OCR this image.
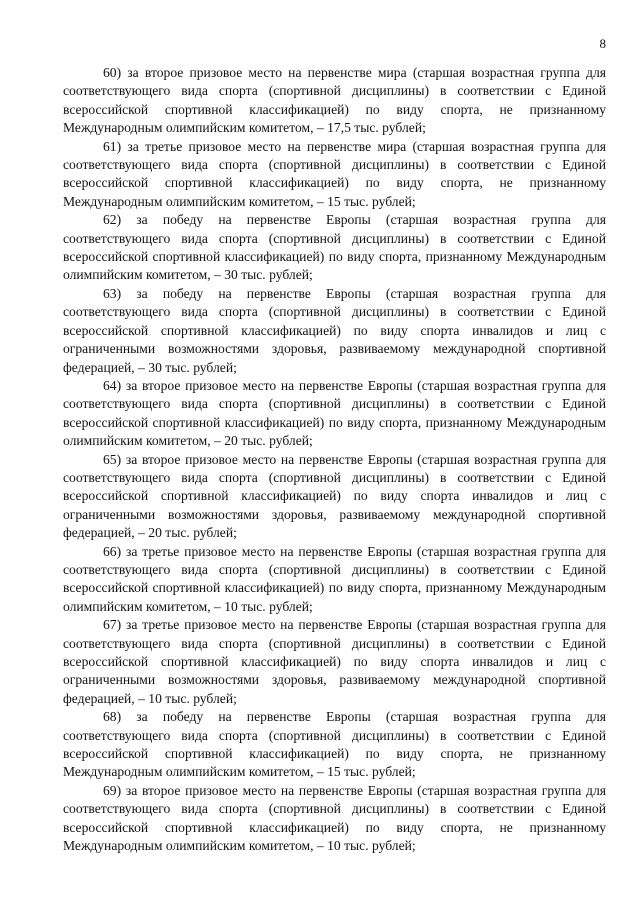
8

60) за второе призовое место на первенстве мира (старшая возрастная группа для соответствующего вида спорта (спортивной дисциплины) в соответствии с Единой всероссийской спортивной классификацией) по виду спорта, не признанному Международным олимпийским комитетом, – 17,5 тыс. рублей;

61) за третье призовое место на первенстве мира (старшая возрастная группа для соответствующего вида спорта (спортивной дисциплины) в соответствии с Единой всероссийской спортивной классификацией) по виду спорта, не признанному Международным олимпийским комитетом, – 15 тыс. рублей;

62) за победу на первенстве Европы (старшая возрастная группа для соответствующего вида спорта (спортивной дисциплины) в соответствии с Единой всероссийской спортивной классификацией) по виду спорта, признанному Международным олимпийским комитетом, – 30 тыс. рублей;

63) за победу на первенстве Европы (старшая возрастная группа для соответствующего вида спорта (спортивной дисциплины) в соответствии с Единой всероссийской спортивной классификацией) по виду спорта инвалидов и лиц с ограниченными возможностями здоровья, развиваемому международной спортивной федерацией, – 30 тыс. рублей;

64) за второе призовое место на первенстве Европы (старшая возрастная группа для соответствующего вида спорта (спортивной дисциплины) в соответствии с Единой всероссийской спортивной классификацией) по виду спорта, признанному Международным олимпийским комитетом, – 20 тыс. рублей;

65) за второе призовое место на первенстве Европы (старшая возрастная группа для соответствующего вида спорта (спортивной дисциплины) в соответствии с Единой всероссийской спортивной классификацией) по виду спорта инвалидов и лиц с ограниченными возможностями здоровья, развиваемому международной спортивной федерацией, – 20 тыс. рублей;

66) за третье призовое место на первенстве Европы (старшая возрастная группа для соответствующего вида спорта (спортивной дисциплины) в соответствии с Единой всероссийской спортивной классификацией) по виду спорта, признанному Международным олимпийским комитетом, – 10 тыс. рублей;

67) за третье призовое место на первенстве Европы (старшая возрастная группа для соответствующего вида спорта (спортивной дисциплины) в соответствии с Единой всероссийской спортивной классификацией) по виду спорта инвалидов и лиц с ограниченными возможностями здоровья, развиваемому международной спортивной федерацией, – 10 тыс. рублей;

68) за победу на первенстве Европы (старшая возрастная группа для соответствующего вида спорта (спортивной дисциплины) в соответствии с Единой всероссийской спортивной классификацией) по виду спорта, не признанному Международным олимпийским комитетом, – 15 тыс. рублей;

69) за второе призовое место на первенстве Европы (старшая возрастная группа для соответствующего вида спорта (спортивной дисциплины) в соответствии с Единой всероссийской спортивной классификацией) по виду спорта, не признанному Международным олимпийским комитетом, – 10 тыс. рублей;
